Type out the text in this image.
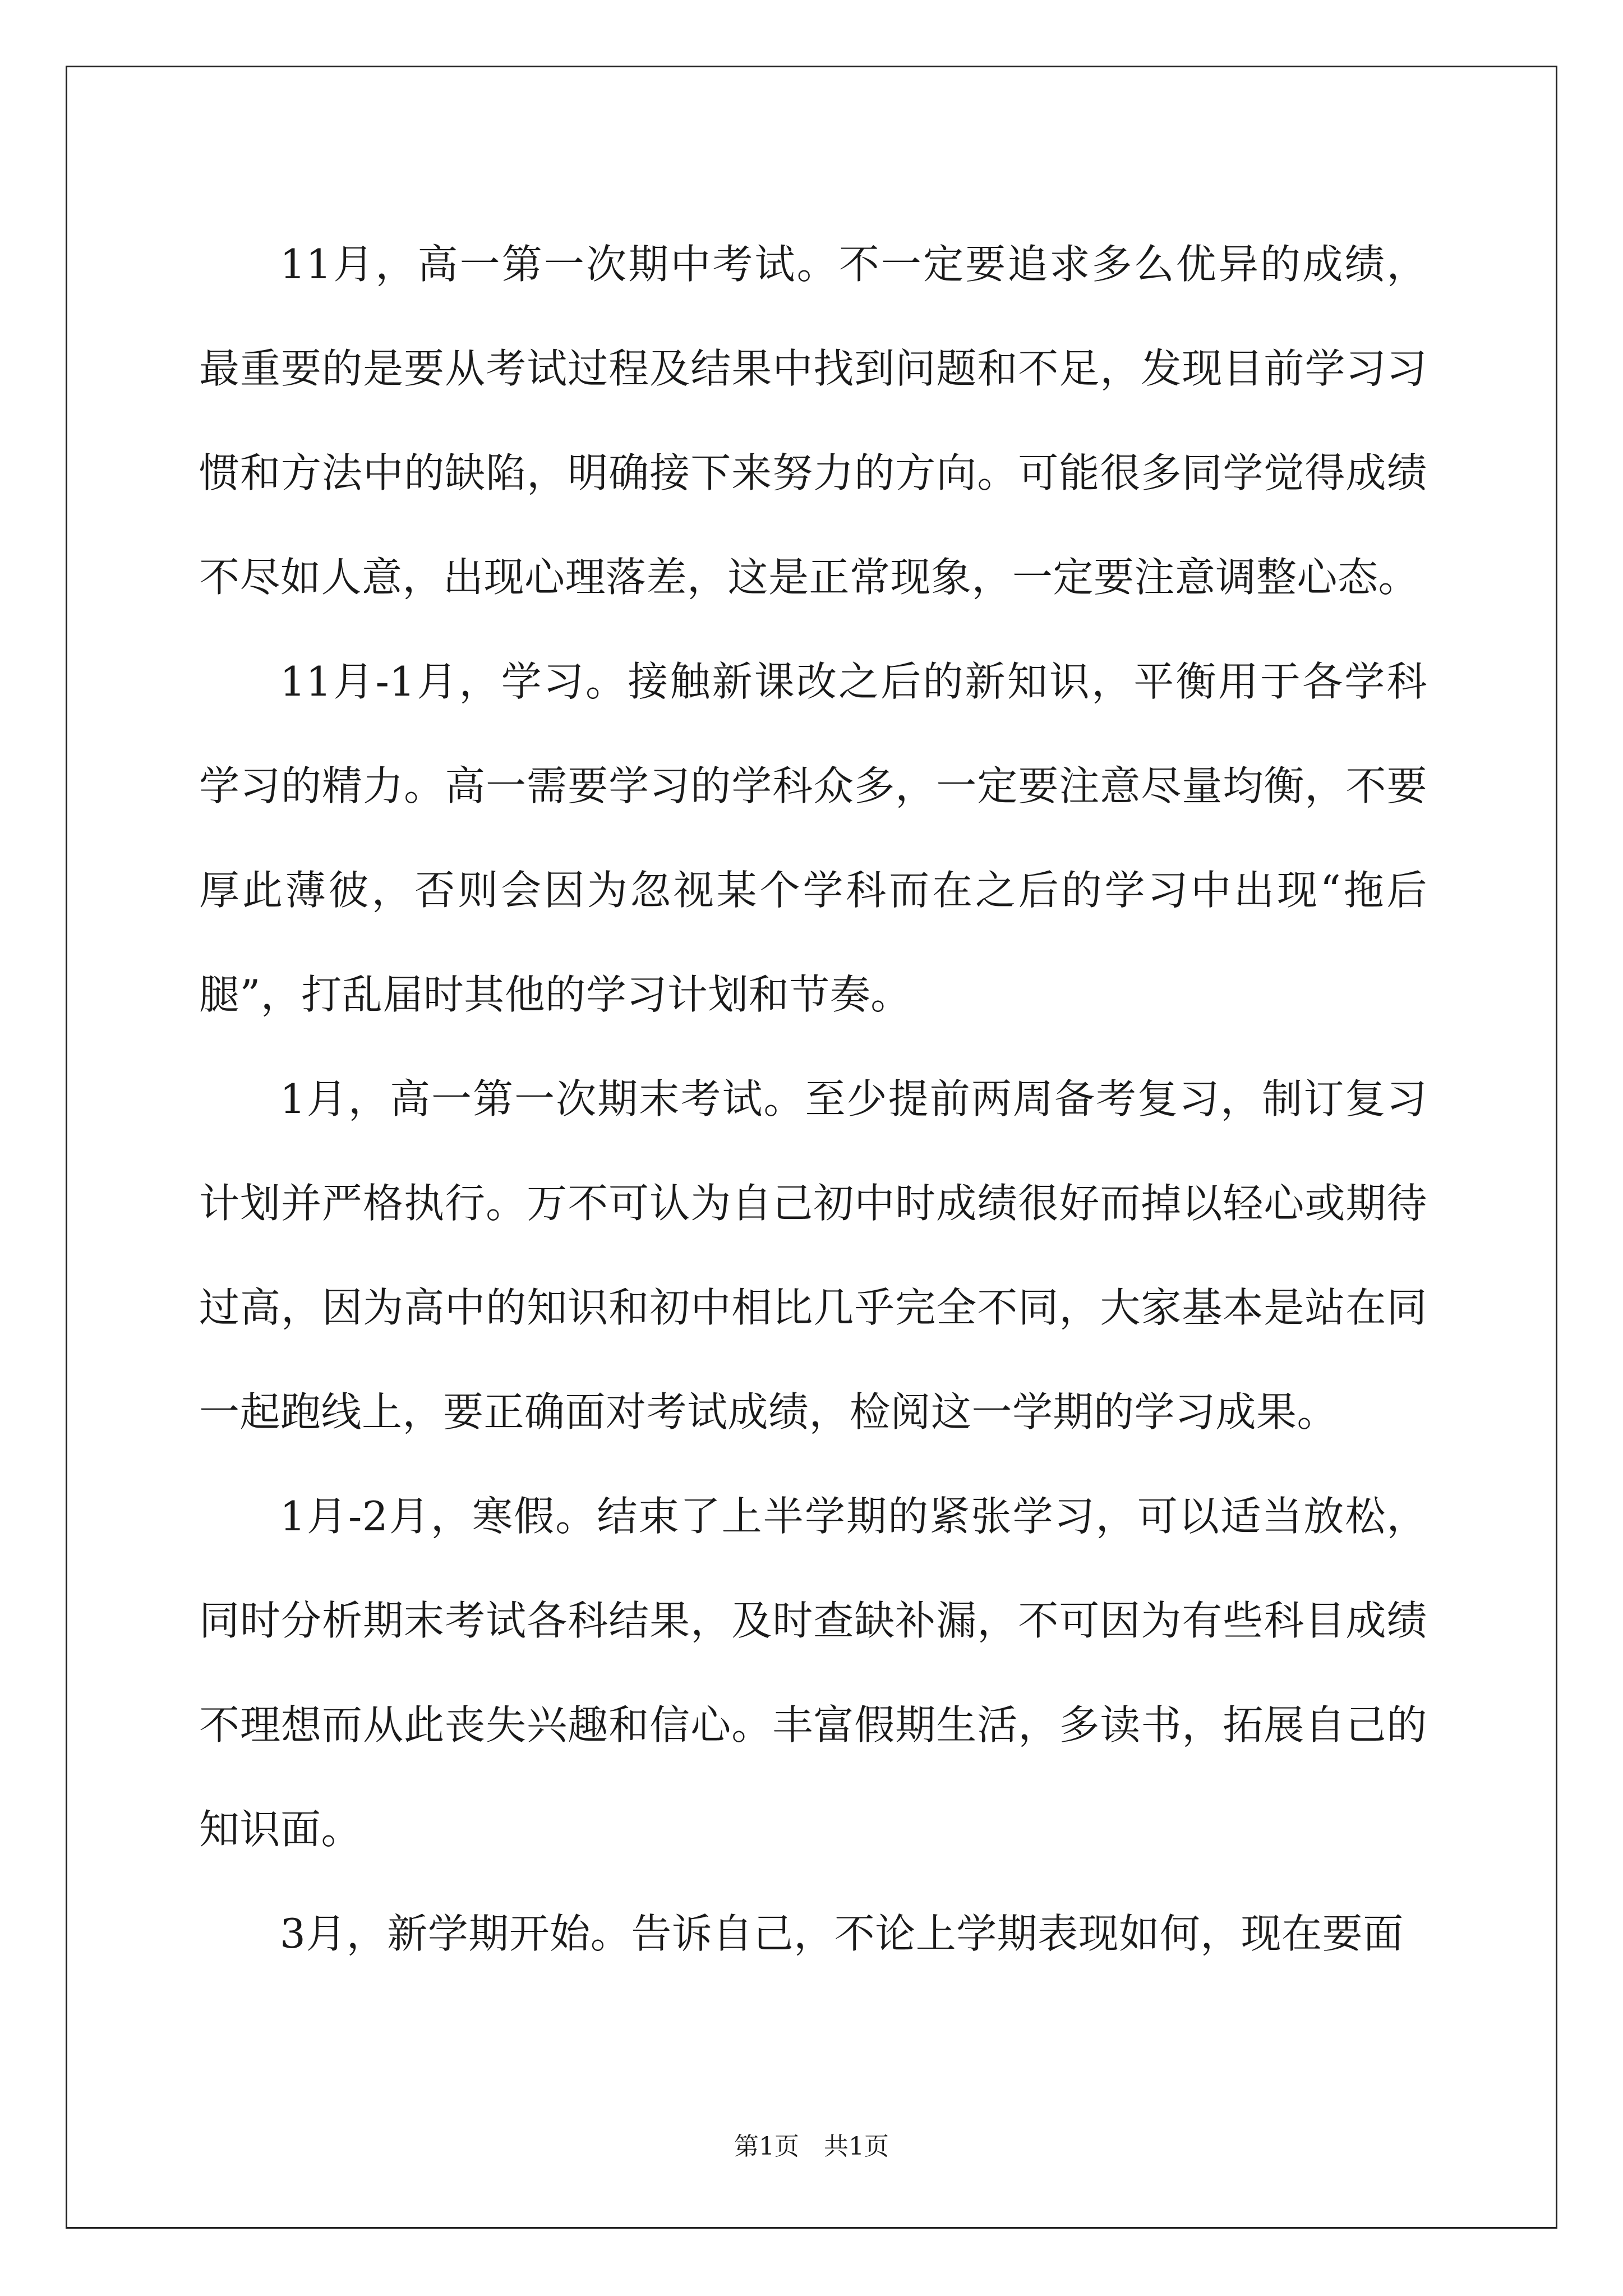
11月，高一第一次期中考试。不一定要追求多么优异的成绩，最重要的是要从考试过程及结果中找到问题和不足，发现目前学习习惯和方法中的缺陷，明确接下来努力的方向。可能很多同学觉得成绩不尽如人意，出现心理落差，这是正常现象，一定要注意调整心态。

11月-1月，学习。接触新课改之后的新知识，平衡用于各学科学习的精力。高一需要学习的学科众多，一定要注意尽量均衡，不要厚此薄彼，否则会因为忽视某个学科而在之后的学习中出现“拖后腿”，打乱届时其他的学习计划和节奏。

1月，高一第一次期末考试。至少提前两周备考复习，制订复习计划并严格执行。万不可认为自己初中时成绩很好而掉以轻心或期待过高，因为高中的知识和初中相比几乎完全不同，大家基本是站在同一起跑线上，要正确面对考试成绩，检阅这一学期的学习成果。

1月-2月，寒假。结束了上半学期的紧张学习，可以适当放松，同时分析期末考试各科结果，及时查缺补漏，不可因为有些科目成绩不理想而从此丧失兴趣和信心。丰富假期生活，多读书，拓展自己的知识面。

3月，新学期开始。告诉自己，不论上学期表现如何，现在要面

第1页 共1页
